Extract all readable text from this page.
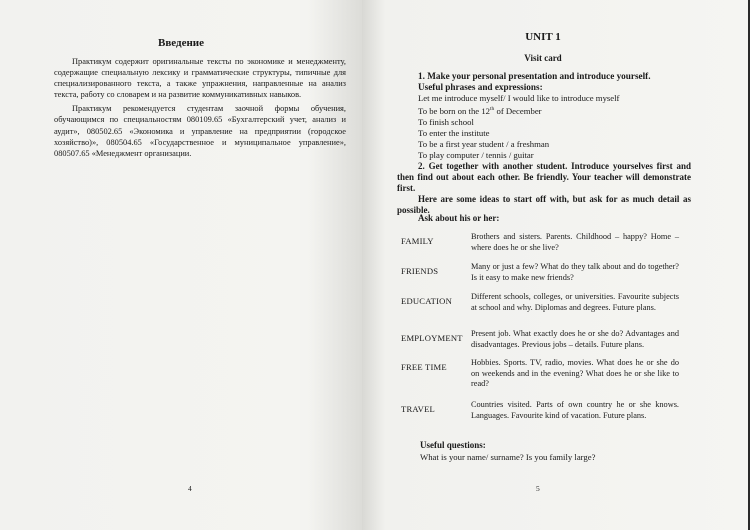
Введение

Практикум содержит оригинальные тексты по экономике и менеджменту, содержащие специальную лексику и грамматические структуры, типичные для специализированного текста, а также упражнения, направленные на анализ текста, работу со словарем и на развитие коммуникативных навыков.

Практикум рекомендуется студентам заочной формы обучения, обучающимся по специальностям 080109.65 «Бухгалтерский учет, анализ и аудит», 080502.65 «Экономика и управление на предприятии (городское хозяйство)», 080504.65 «Государственное и муниципальное управление», 080507.65 «Менеджмент организации.

4
UNIT 1
Visit card
1. Make your personal presentation and introduce yourself.
Useful phrases and expressions:
Let me introduce myself/ I would like to introduce myself
To be born on the 12th of December
To finish school
To enter the institute
To be a first year student / a freshman
To play computer / tennis / guitar

2. Get together with another student. Introduce yourselves first and then find out about each other. Be friendly. Your teacher will demonstrate first.

Here are some ideas to start off with, but ask for as much detail as possible.

Ask about his or her:
FAMILY	Brothers and sisters. Parents. Childhood – happy? Home – where does he or she live?
FRIENDS	Many or just a few? What do they talk about and do together? Is it easy to make new friends?
EDUCATION Different schools, colleges, or universities. Favourite subjects at school and why. Diplomas and degrees. Future plans.
EMPLOYMENT Present job. What exactly does he or she do? Advantages and disadvantages. Previous jobs – details. Future plans.
FREE TIME	Hobbies. Sports. TV, radio, movies. What does he or she do on weekends and in the evening? What does he or she like to read?
TRAVEL	Countries visited. Parts of own country he or she knows. Languages. Favourite kind of vacation. Future plans.
Useful questions:
What is your name/ surname? Is you family large?
5
